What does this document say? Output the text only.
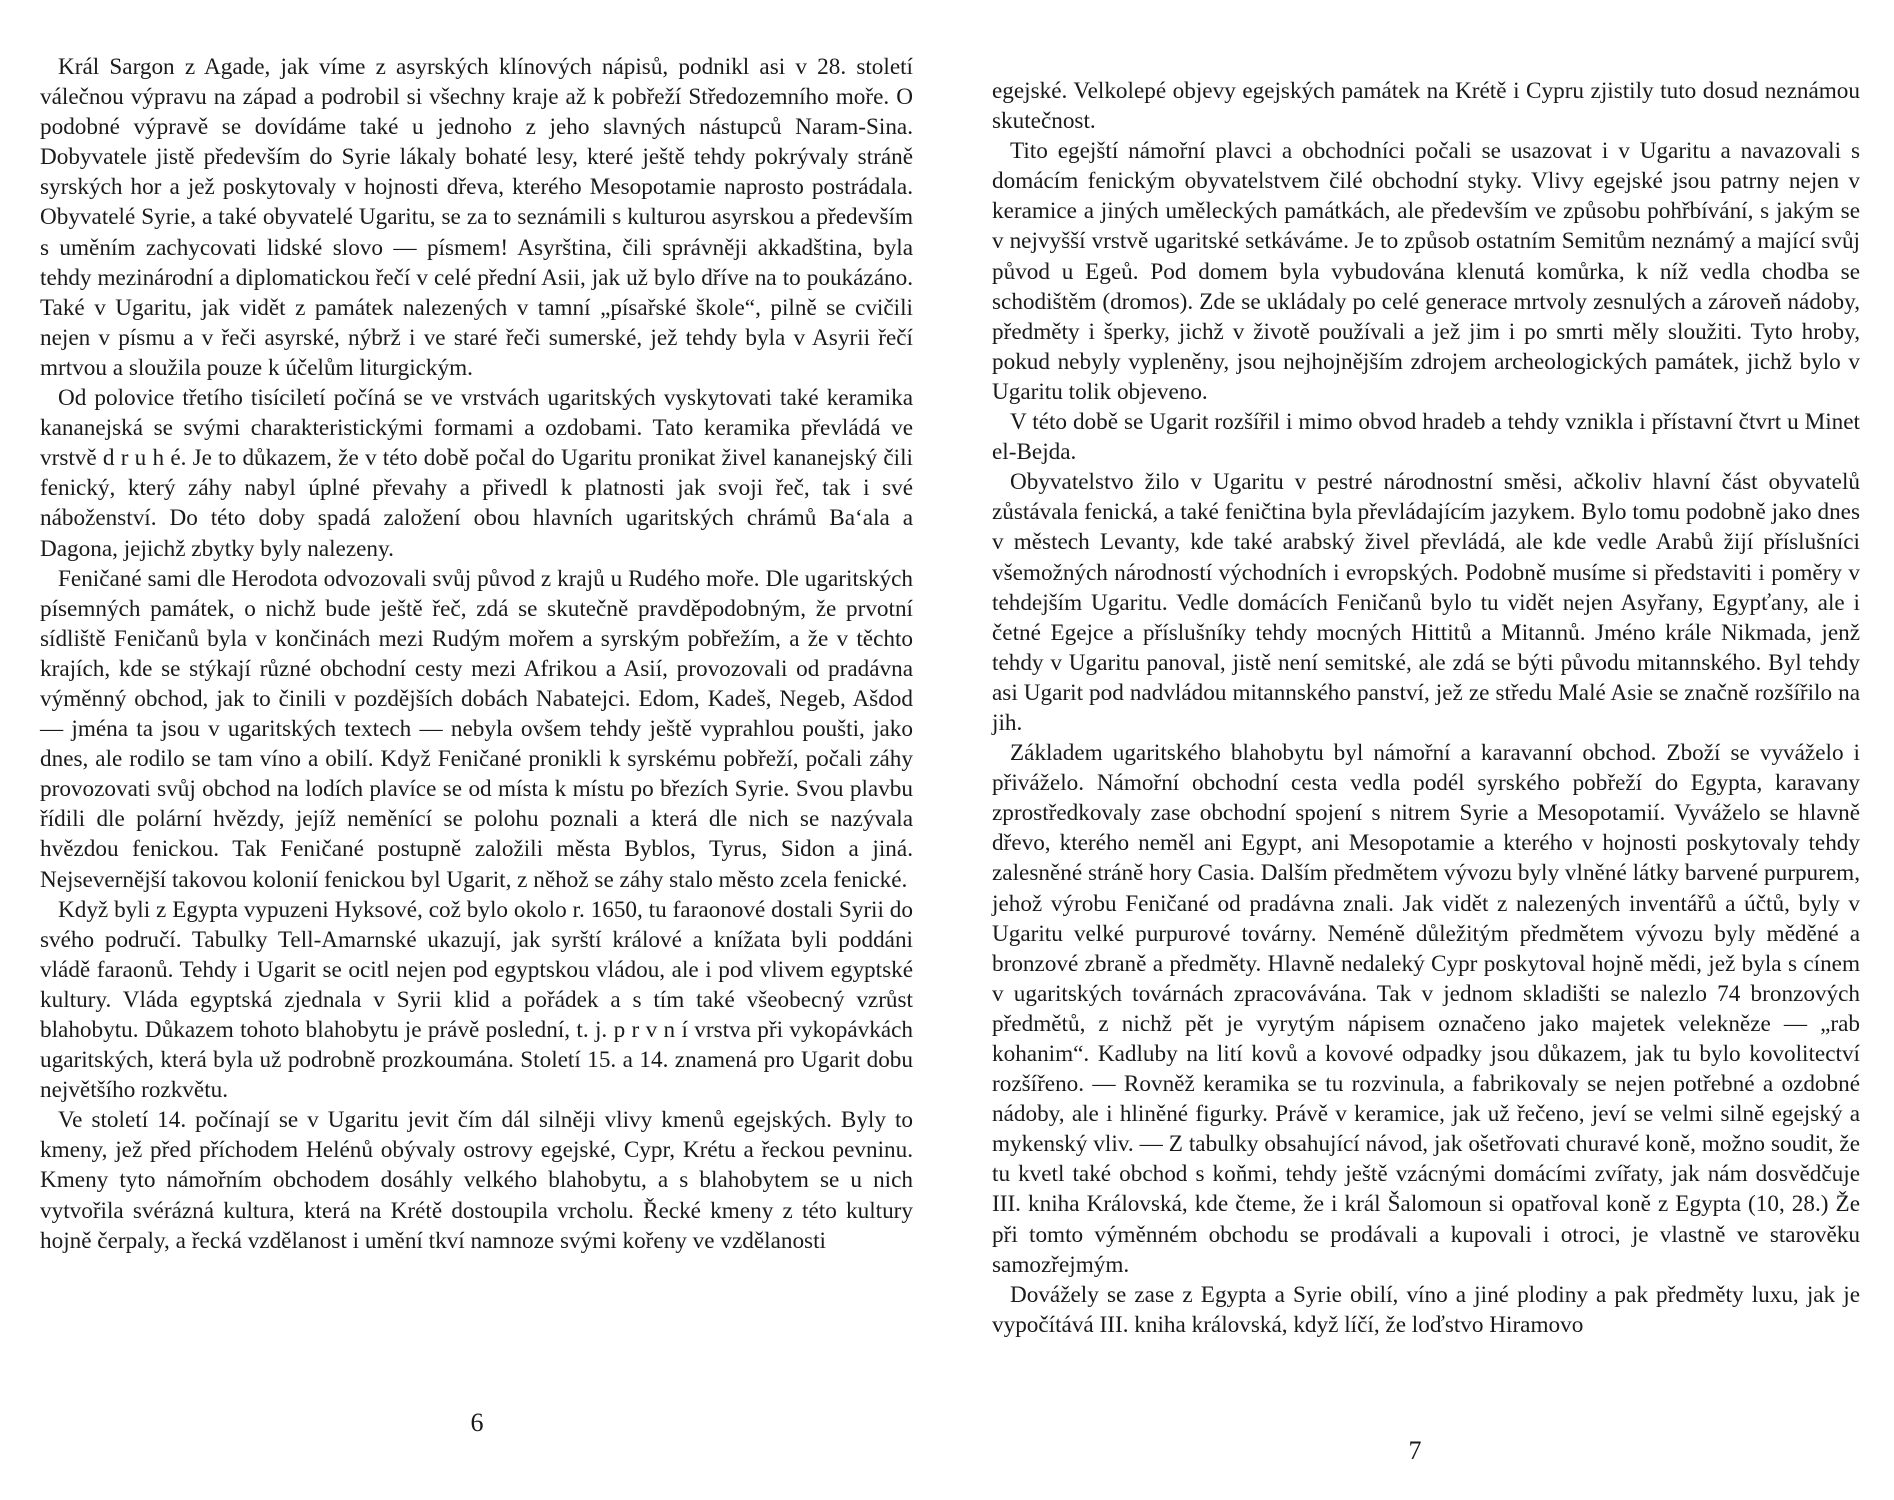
Král Sargon z Agade, jak víme z asyrských klínových nápisů, podnikl asi v 28. století válečnou výpravu na západ a podrobil si všechny kraje až k pobřeží Středozemního moře. O podobné výpravě se dovídáme také u jednoho z jeho slavných nástupců Naram-Sina. Dobyvatele jistě především do Syrie lákaly bohaté lesy, které ještě tehdy pokrývaly stráně syrských hor a jež poskytovaly v hojnosti dřeva, kterého Mesopotamie naprosto postrádala. Obyvatelé Syrie, a také obyvatelé Ugaritu, se za to seznámili s kulturou asyrskou a především s uměním zachycovati lidské slovo — písmem! Asyrština, čili správněji akkadština, byla tehdy mezinárodní a diplomatickou řečí v celé přední Asii, jak už bylo dříve na to poukázáno. Také v Ugaritu, jak vidět z památek nalezených v tamní „písařské škole“, pilně se cvičili nejen v písmu a v řeči asyrské, nýbrž i ve staré řeči sumerské, jež tehdy byla v Asyrii řečí mrtvou a sloužila pouze k účelům liturgickým.

Od polovice třetího tisíciletí počíná se ve vrstvách ugaritských vyskytovati také keramika kananejská se svými charakteristickými formami a ozdobami. Tato keramika převládá ve vrstvě d r u h é. Je to důkazem, že v této době počal do Ugaritu pronikat živel kananejský čili fenický, který záhy nabyl úplné převahy a přivedl k platnosti jak svoji řeč, tak i své náboženství. Do této doby spadá založení obou hlavních ugaritských chrámů Ba‘ala a Dagona, jejichž zbytky byly nalezeny.

Feničané sami dle Herodota odvozovali svůj původ z krajů u Rudého moře. Dle ugaritských písemných památek, o nichž bude ještě řeč, zdá se skutečně pravděpodobným, že prvotní sídliště Feničanů byla v končinách mezi Rudým mořem a syrským pobřežím, a že v těchto krajích, kde se stýkají různé obchodní cesty mezi Afrikou a Asií, provozovali od pradávna výměnný obchod, jak to činili v pozdějších dobách Nabatejci. Edom, Kadeš, Negeb, Ašdod — jména ta jsou v ugaritských textech — nebyla ovšem tehdy ještě vyprahlou poušti, jako dnes, ale rodilo se tam víno a obilí. Když Feničané pronikli k syrskému pobřeží, počali záhy provozovati svůj obchod na lodích plavíce se od místa k místu po březích Syrie. Svou plavbu řídili dle polární hvězdy, jejíž neměnící se polohu poznali a která dle nich se nazývala hvězdou fenickou. Tak Feničané postupně založili města Byblos, Tyrus, Sidon a jiná. Nejsevernější takovou kolonií fenickou byl Ugarit, z něhož se záhy stalo město zcela fenické.

Když byli z Egypta vypuzeni Hyksové, což bylo okolo r. 1650, tu faraonové dostali Syrii do svého područí. Tabulky Tell-Amarnské ukazují, jak syrští králové a knížata byli poddáni vládě faraonů. Tehdy i Ugarit se ocitl nejen pod egyptskou vládou, ale i pod vlivem egyptské kultury. Vláda egyptská zjednala v Syrii klid a pořádek a s tím také všeobecný vzrůst blahobytu. Důkazem tohoto blahobytu je právě poslední, t. j. p r v n í vrstva při vykopávkách ugaritských, která byla už podrobně prozkoumána. Století 15. a 14. znamená pro Ugarit dobu největšího rozkvětu.

Ve století 14. počínají se v Ugaritu jevit čím dál silněji vlivy kmenů egejských. Byly to kmeny, jež před příchodem Helénů obývaly ostrovy egejské, Cypr, Krétu a řeckou pevninu. Kmeny tyto námořním obchodem dosáhly velkého blahobytu, a s blahobytem se u nich vytvořila svérázná kultura, která na Krétě dostoupila vrcholu. Řecké kmeny z této kultury hojně čerpaly, a řecká vzdělanost i umění tkví namnoze svými kořeny ve vzdělanosti

6

egejské. Velkolepé objevy egejských památek na Krétě i Cypru zjistily tuto dosud neznámou skutečnost.

Tito egejští námořní plavci a obchodníci počali se usazovat i v Ugaritu a navazovali s domácím fenickým obyvatelstvem čilé obchodní styky. Vlivy egejské jsou patrny nejen v keramice a jiných uměleckých památkách, ale především ve způsobu pohřbívání, s jakým se v nejvyšší vrstvě ugaritské setkáváme. Je to způsob ostatním Semitům neznámý a mající svůj původ u Egeů. Pod domem byla vybudována klenutá komůrka, k níž vedla chodba se schodištěm (dromos). Zde se ukládaly po celé generace mrtvoly zesnulých a zároveň nádoby, předměty i šperky, jichž v životě používali a jež jim i po smrti měly sloužiti. Tyto hroby, pokud nebyly vypleněny, jsou nejhojnějším zdrojem archeologických památek, jichž bylo v Ugaritu tolik objeveno.

V této době se Ugarit rozšířil i mimo obvod hradeb a tehdy vznikla i přístavní čtvrt u Minet el-Bejda.

Obyvatelstvo žilo v Ugaritu v pestré národnostní směsi, ačkoliv hlavní část obyvatelů zůstávala fenická, a také feničtina byla převládajícím jazykem. Bylo tomu podobně jako dnes v městech Levanty, kde také arabský živel převládá, ale kde vedle Arabů žijí příslušníci všemožných národností východních i evropských. Podobně musíme si představiti i poměry v tehdejším Ugaritu. Vedle domácích Feničanů bylo tu vidět nejen Asyřany, Egypťany, ale i četné Egejce a příslušníky tehdy mocných Hittitů a Mitannů. Jméno krále Nikmada, jenž tehdy v Ugaritu panoval, jistě není semitské, ale zdá se býti původu mitannského. Byl tehdy asi Ugarit pod nadvládou mitannského panství, jež ze středu Malé Asie se značně rozšířilo na jih.

Základem ugaritského blahobytu byl námořní a karavanní obchod. Zboží se vyváželo i přiváželo. Námořní obchodní cesta vedla podél syrského pobřeží do Egypta, karavany zprostředkovaly zase obchodní spojení s nitrem Syrie a Mesopotamií. Vyváželo se hlavně dřevo, kterého neměl ani Egypt, ani Mesopotamie a kterého v hojnosti poskytovaly tehdy zalesněné stráně hory Casia. Dalším předmětem vývozu byly vlněné látky barvené purpurem, jehož výrobu Feničané od pradávna znali. Jak vidět z nalezených inventářů a účtů, byly v Ugaritu velké purpurové továrny. Neméně důležitým předmětem vývozu byly měděné a bronzové zbraně a předměty. Hlavně nedaleký Cypr poskytoval hojně mědi, jež byla s cínem v ugaritských továrnách zpracovávána. Tak v jednom skladišti se nalezlo 74 bronzových předmětů, z nichž pět je vyrytým nápisem označeno jako majetek velekněze — „rab kohanim“. Kadluby na lití kovů a kovové odpadky jsou důkazem, jak tu bylo kovolitectví rozšířeno. — Rovněž keramika se tu rozvinula, a fabrikovaly se nejen potřebné a ozdobné nádoby, ale i hliněné figurky. Právě v keramice, jak už řečeno, jeví se velmi silně egejský a mykenský vliv. — Z tabulky obsahující návod, jak ošetřovati churavé koně, možno soudit, že tu kvetl také obchod s koňmi, tehdy ještě vzácnými domácími zvířaty, jak nám dosvědčuje III. kniha Královská, kde čteme, že i král Šalomoun si opatřoval koně z Egypta (10, 28.) Že při tomto výměnném obchodu se prodávali a kupovali i otroci, je vlastně ve starověku samozřejmým.

Dovážely se zase z Egypta a Syrie obilí, víno a jiné plodiny a pak předměty luxu, jak je vypočítává III. kniha královská, když líčí, že loďstvo Hiramovo

7
